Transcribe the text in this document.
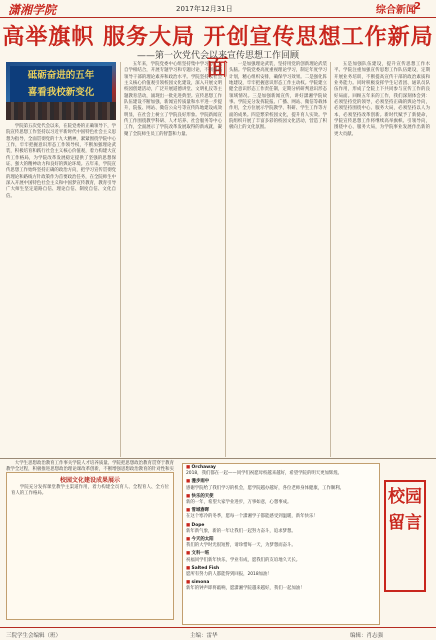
潇湘学院	2017年12月31日	综合新闻
2
高举旗帜 服务大局 开创宣传思想工作新局面
——第一次党代会以来宣传思想工作回顾
砥砺奋进的五年
喜看我校新变化

学院第五次党代会以来，在院党委的正确领导下，学院宣传思想工作坚持以习近平新时代中国特色社会主义思想为指导，全面贯彻党的十九大精神，紧紧围绕学院中心工作，牢牢把握意识形态工作领导权，不断加强理论武装，积极培育和践行社会主义核心价值观，着力构建大宣传工作格局，为学院改革发展稳定提供了坚强的思想保证、强大的精神动力和良好的舆论环境。五年来，学院宣传思想工作始终坚持正确的政治方向，把学习宣传贯彻党的理论和路线方针政策作为首要政治任务，在全院师生中深入开展中国特色社会主义和中国梦宣传教育，教育引导广大师生坚定道路自信、理论自信、制度自信、文化自信。

五年来，学院党委中心组坚持集中学习与个人自学相结合，开展专题学习和专题讨论，不断提高领导干部的理论素养和政治水平。学院坚持以社会主义核心价值观引领校园文化建设，深入开展文明校园创建活动，广泛开展道德讲堂、文明礼仪等主题教育活动，涌现出一批先进典型。宣传思想工作队伍建设不断加强，新闻宣传质量和水平进一步提升，院报、网站、微信公众号等宣传阵地建设成效明显，在社会上树立了学院良好形象。学院新闻宣传工作围绕教学科研、人才培养、社会服务等中心工作，全面展示了学院改革发展取得的新成就，凝聚了全院师生员工的智慧和力量。

一是加强理论武装，坚持用党的创新理论武装头脑。学院党委高度重视理论学习，制定年度学习计划，精心组织安排，确保学习效果。二是强化阵地建设，牢牢把握意识形态工作主动权。学院建立健全意识形态工作责任制，定期分析研判意识形态领域情况。三是加强新闻宣传，讲好潇湘学院故事。学院充分发挥院报、广播、网站、微信等载体作用，全方位展示学院教学、科研、学生工作等方面的成果。四是繁荣校园文化，提升育人实效。学院组织开展了丰富多彩的校园文化活动，营造了积极向上的文化氛围。

五是加强队伍建设，提升宣传思想工作水平。学院注重加强宣传思想工作队伍建设，定期开展业务培训，不断提高宣传干部的政治素质和业务能力。同时积极发挥学生记者团、通讯员队伍作用，形成了全院上下共同参与宣传工作的良好局面。回顾五年来的工作，我们深刻体会到：必须坚持党的领导，必须坚持正确的舆论导向，必须坚持围绕中心、服务大局，必须坚持以人为本，必须坚持改革创新。新时代赋予了新使命，学院宣传思想工作将继续高举旗帜、引领导向，围绕中心、服务大局，为学院事业发展作出新的更大贡献。

大学生思想政治教育工作事关学院人才培养质量。学院把思想政治教育贯穿于教育教学全过程，积极推进思想政治理论课改革创新，不断增强思想政治教育的针对性和实

校园文化建设成果展示

学院充分发挥课堂教学主渠道作用，着力构建全员育人、全程育人、全方位育人的工作格局。

■ Orchaway
2018，我们都在一起——同学们祝愿母校越来越好，希望学院的明天更加辉煌。
■ 漫步雨中
感谢学院给了我们学习的机会，愿学院越办越好，各位老师身体健康，工作顺利。
■ 快乐的天使
新的一年，希望大家学业进步，万事如意，心想事成。
■ 雪域春晖
在这个寒冷的冬季，愿每一个潇湘学子都能感受到温暖，新年快乐！
■ Dope
新年新气象，新的一年让我们一起努力奋斗，追求梦想。
■ 今天的太阳
我们的大学时光很短暂，请珍惜每一天，为梦想而奋斗。
■ 文科一班
祝福同学们新年快乐，学业有成，愿我们的友谊地久天长。
■ Salted Fish
愿所有努力的人都能得到回报，2018加油！
■ simona
新年的钟声即将敲响，愿潇湘学院越来越好，我们一起加油！
校园留言
三院学生会编辑（班）	主编：雷华	编辑：肖志强
